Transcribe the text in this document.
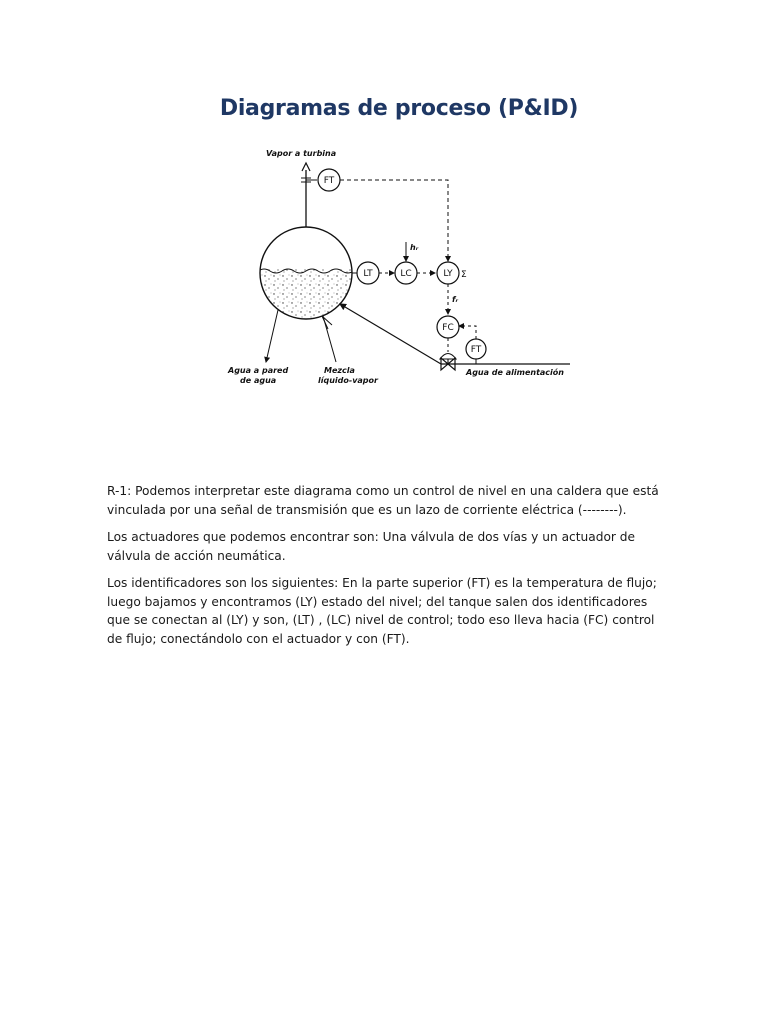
Diagramas de proceso (P&ID)
Vapor a turbina
FT
LT	LC
hᵣ
LY Σ
fᵣ
FC
FT
Agua de alimentación
Agua a pared
de agua
Mezcla
líquido-vapor

R-1: Podemos interpretar este diagrama como un control de nivel en una caldera que está vinculada por una señal de transmisión que es un lazo de corriente eléctrica (--------).

Los actuadores que podemos encontrar son: Una válvula de dos vías y un actuador de válvula de acción neumática.

Los identificadores son los siguientes: En la parte superior (FT) es la temperatura de flujo; luego bajamos y encontramos (LY) estado del nivel; del tanque salen dos identificadores que se conectan al (LY) y son, (LT) , (LC) nivel de control; todo eso lleva hacia (FC) control de flujo; conectándolo con el actuador y con (FT).
